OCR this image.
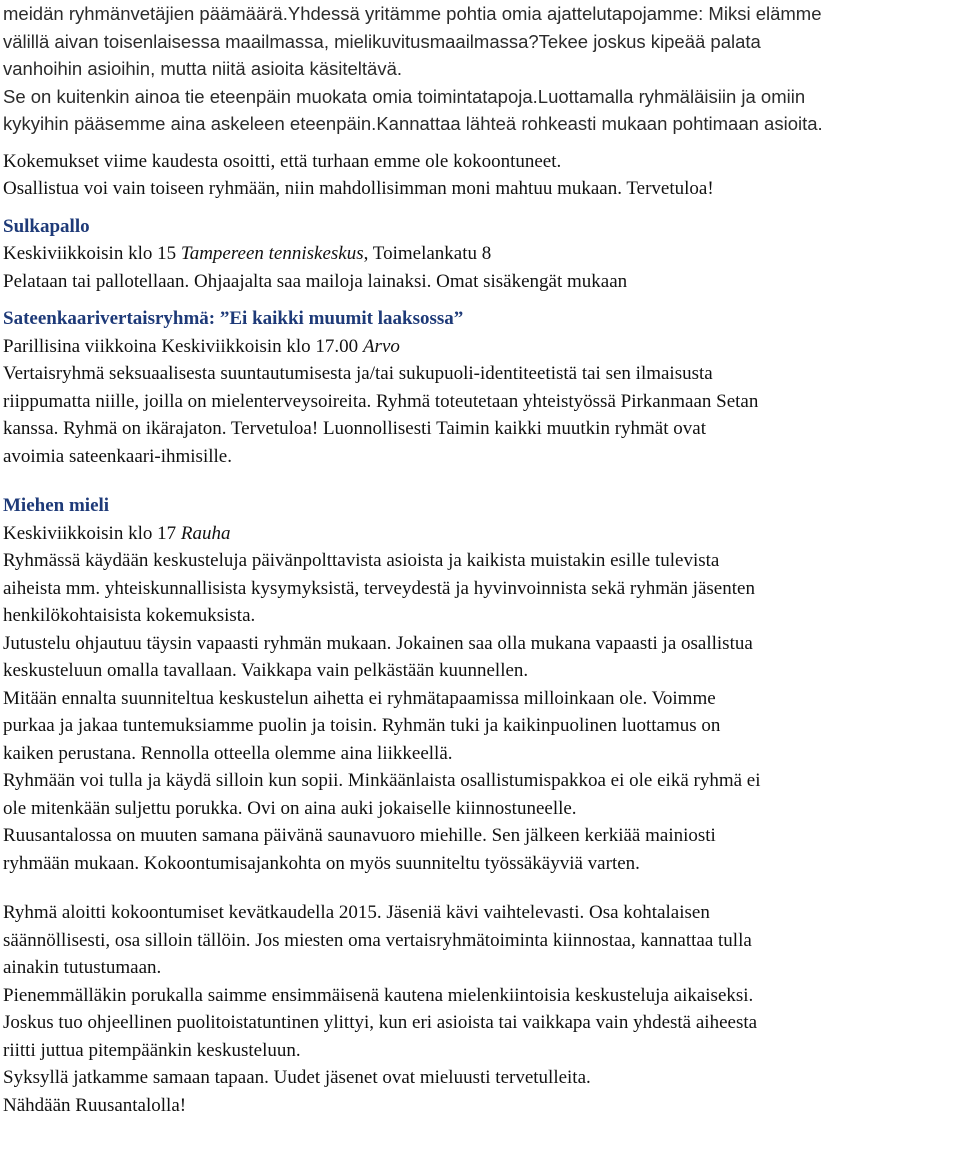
meidän ryhmänvetäjien päämäärä.Yhdessä yritämme pohtia omia ajattelutapojamme: Miksi elämme
välillä aivan toisenlaisessa maailmassa, mielikuvitusmaailmassa?Tekee joskus kipeää palata
vanhoihin asioihin, mutta niitä asioita käsiteltävä.
Se on kuitenkin ainoa tie eteenpäin muokata omia toimintatapoja.Luottamalla ryhmäläisiin ja omiin
kykyihin pääsemme aina askeleen eteenpäin.Kannattaa lähteä rohkeasti mukaan pohtimaan asioita.
Kokemukset viime kaudesta osoitti, että turhaan emme ole kokoontuneet.
Osallistua voi vain toiseen ryhmään, niin mahdollisimman moni mahtuu mukaan. Tervetuloa!
Sulkapallo
Keskiviikkoisin klo 15 Tampereen tenniskeskus, Toimelankatu 8
Pelataan tai pallotellaan. Ohjaajalta saa mailoja lainaksi. Omat sisäkengät mukaan
Sateenkaarivertaisryhmä: ”Ei kaikki muumit laaksossa”
Parillisina viikkoina Keskiviikkoisin klo 17.00 Arvo
Vertaisryhmä seksuaalisesta suuntautumisesta ja/tai sukupuoli-identiteetistä tai sen ilmaisusta
riippumatta niille, joilla on mielenterveysoireita. Ryhmä toteutetaan yhteistyössä Pirkanmaan Setan
kanssa. Ryhmä on ikärajaton. Tervetuloa! Luonnollisesti Taimin kaikki muutkin ryhmät ovat
avoimia sateenkaari-ihmisille.
Miehen mieli
Keskiviikkoisin klo 17 Rauha
Ryhmässä käydään keskusteluja päivänpolttavista asioista ja kaikista muistakin esille tulevista
aiheista mm. yhteiskunnallisista kysymyksistä, terveydestä ja hyvinvoinnista sekä ryhmän jäsenten
henkilökohtaisista kokemuksista.
Jutustelu ohjautuu täysin vapaasti ryhmän mukaan. Jokainen saa olla mukana vapaasti ja osallistua
keskusteluun omalla tavallaan. Vaikkapa vain pelkästään kuunnellen.
Mitään ennalta suunniteltua keskustelun aihetta ei ryhmätapaamissa milloinkaan ole. Voimme
purkaa ja jakaa tuntemuksiamme puolin ja toisin. Ryhmän tuki ja kaikinpuolinen luottamus on
kaiken perustana. Rennolla otteella olemme aina liikkeellä.
Ryhmään voi tulla ja käydä silloin kun sopii. Minkäänlaista osallistumispakkoa ei ole eikä ryhmä ei
ole mitenkään suljettu porukka. Ovi on aina auki jokaiselle kiinnostuneelle.
Ruusantalossa on muuten samana päivänä saunavuoro miehille. Sen jälkeen kerkiää mainiosti
ryhmään mukaan. Kokoontumisajankohta on myös suunniteltu työssäkäyviä varten.
Ryhmä aloitti kokoontumiset kevätkaudella 2015. Jäseniä kävi vaihtelevasti. Osa kohtalaisen
säännöllisesti, osa silloin tällöin. Jos miesten oma vertaisryhmätoiminta kiinnostaa, kannattaa tulla
ainakin tutustumaan.
Pienemmälläkin porukalla saimme ensimmäisenä kautena mielenkiintoisia keskusteluja aikaiseksi.
Joskus tuo ohjeellinen puolitoistatuntinen ylittyi, kun eri asioista tai vaikkapa vain yhdestä aiheesta
riitti juttua pitempäänkin keskusteluun.
Syksyllä jatkamme samaan tapaan. Uudet jäsenet ovat mieluusti tervetulleita.
Nähdään Ruusantalolla!
